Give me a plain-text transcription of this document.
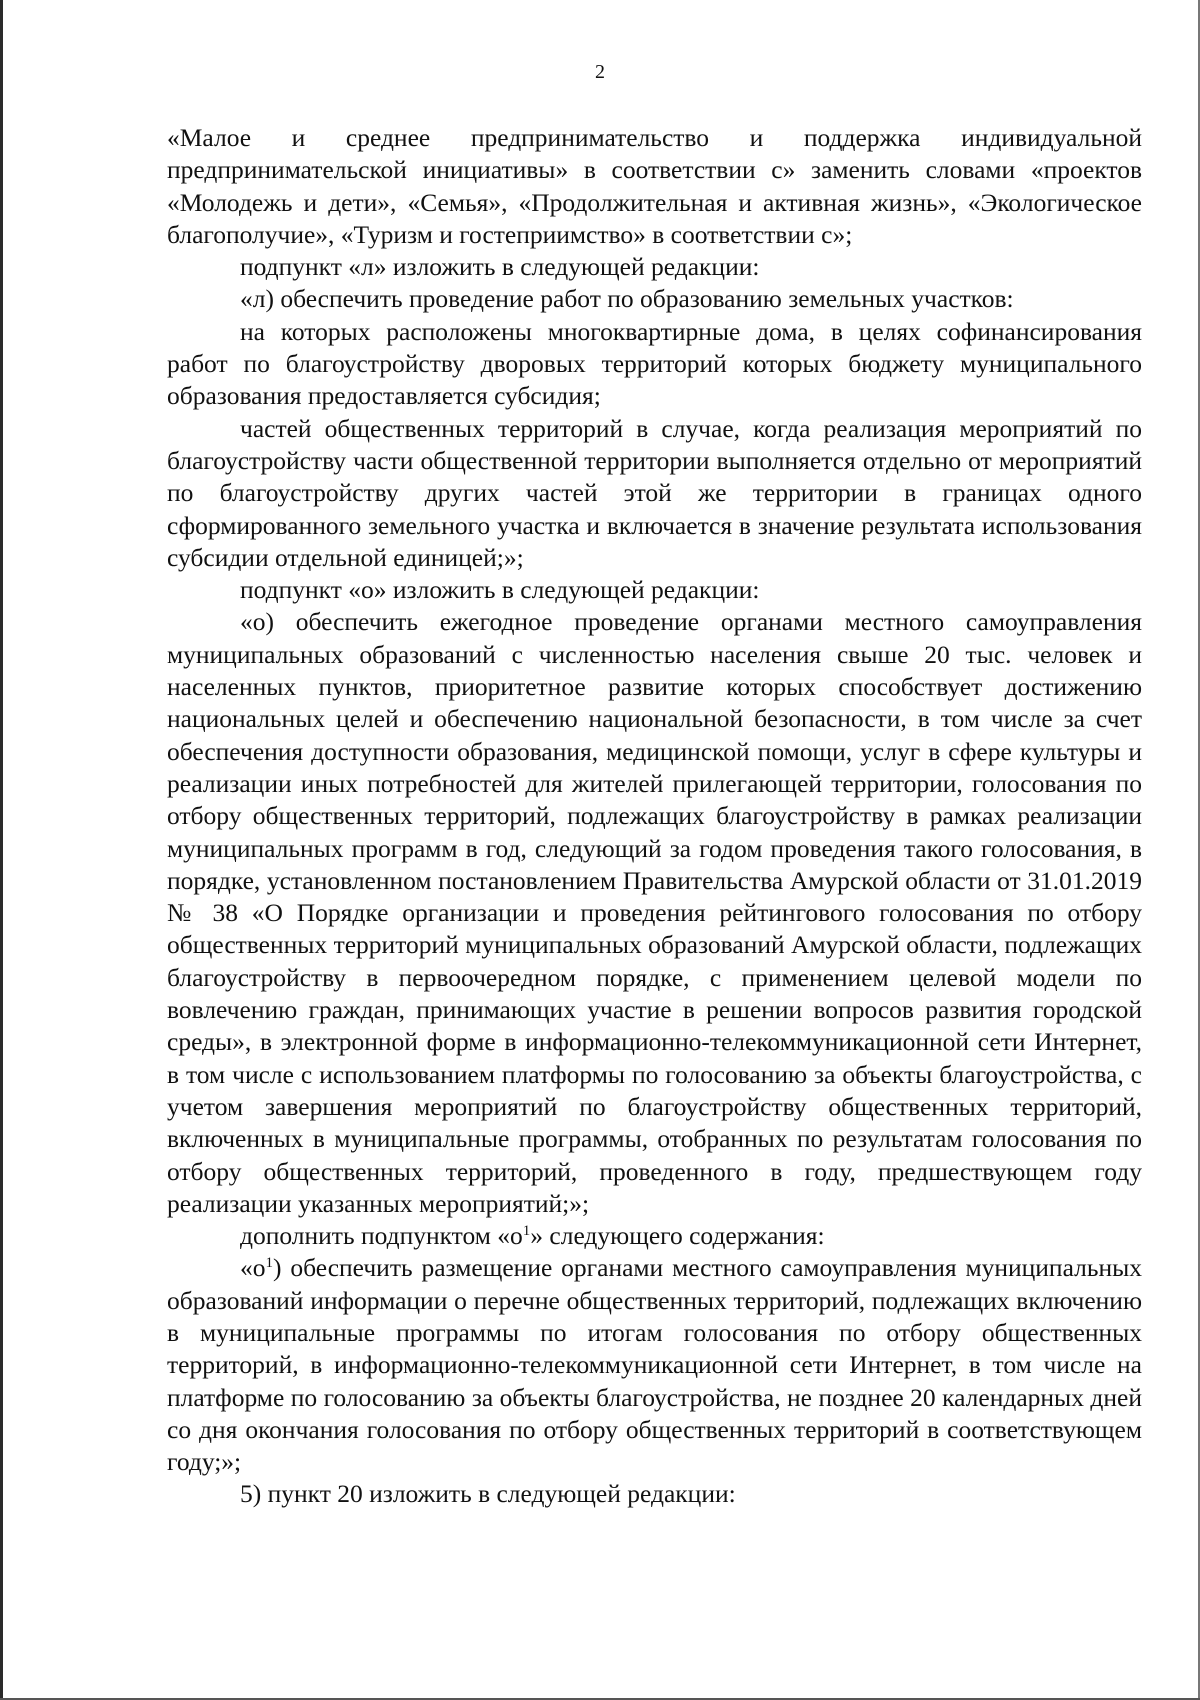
2

«Малое и среднее предпринимательство и поддержка индивидуальной предпринимательской инициативы» в соответствии с» заменить словами «проектов «Молодежь и дети», «Семья», «Продолжительная и активная жизнь», «Экологическое благополучие», «Туризм и гостеприимство» в соответствии с»;

подпункт «л» изложить в следующей редакции:

«л) обеспечить проведение работ по образованию земельных участков:

на которых расположены многоквартирные дома, в целях софинансирования работ по благоустройству дворовых территорий которых бюджету муниципального образования предоставляется субсидия;

частей общественных территорий в случае, когда реализация мероприятий по благоустройству части общественной территории выполняется отдельно от мероприятий по благоустройству других частей этой же территории в границах одного сформированного земельного участка и включается в значение результата использования субсидии отдельной единицей;»;

подпункт «о» изложить в следующей редакции:

«о) обеспечить ежегодное проведение органами местного самоуправления муниципальных образований с численностью населения свыше 20 тыс. человек и населенных пунктов, приоритетное развитие которых способствует достижению национальных целей и обеспечению национальной безопасности, в том числе за счет обеспечения доступности образования, медицинской помощи, услуг в сфере культуры и реализации иных потребностей для жителей прилегающей территории, голосования по отбору общественных территорий, подлежащих благоустройству в рамках реализации муниципальных программ в год, следующий за годом проведения такого голосования, в порядке, установленном постановлением Правительства Амурской области от 31.01.2019 № 38 «О Порядке организации и проведения рейтингового голосования по отбору общественных территорий муниципальных образований Амурской области, подлежащих благоустройству в первоочередном порядке, с применением целевой модели по вовлечению граждан, принимающих участие в решении вопросов развития городской среды», в электронной форме в информационно-телекоммуникационной сети Интернет, в том числе с использованием платформы по голосованию за объекты благоустройства, с учетом завершения мероприятий по благоустройству общественных территорий, включенных в муниципальные программы, отобранных по результатам голосования по отбору общественных территорий, проведенного в году, предшествующем году реализации указанных мероприятий;»;

дополнить подпунктом «$о^1$» следующего содержания:

«$о^1$) обеспечить размещение органами местного самоуправления муниципальных образований информации о перечне общественных территорий, подлежащих включению в муниципальные программы по итогам голосования по отбору общественных территорий, в информационно-телекоммуникационной сети Интернет, в том числе на платформе по голосованию за объекты благоустройства, не позднее 20 календарных дней со дня окончания голосования по отбору общественных территорий в соответствующем году;»;

5) пункт 20 изложить в следующей редакции:
